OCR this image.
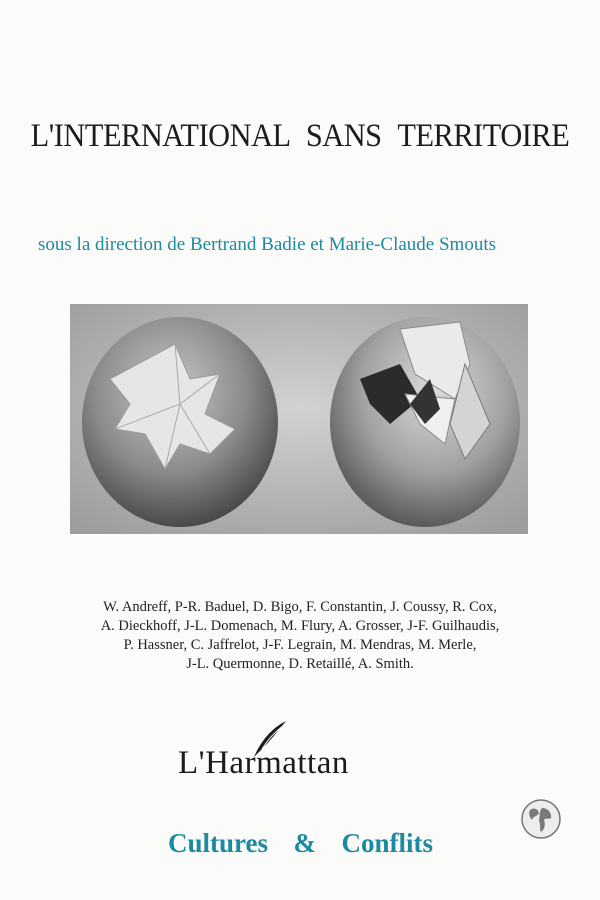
L'INTERNATIONAL SANS TERRITOIRE
sous la direction de Bertrand Badie et Marie-Claude Smouts
W. Andreff, P-R. Baduel, D. Bigo, F. Constantin, J. Coussy, R. Cox,
A. Dieckhoff, J-L. Domenach, M. Flury, A. Grosser, J-F. Guilhaudis,
P. Hassner, C. Jaffrelot, J-F. Legrain, M. Mendras, M. Merle,
J-L. Quermonne, D. Retaillé, A. Smith.
L'Harmattan
Cultures  &  Conflits
